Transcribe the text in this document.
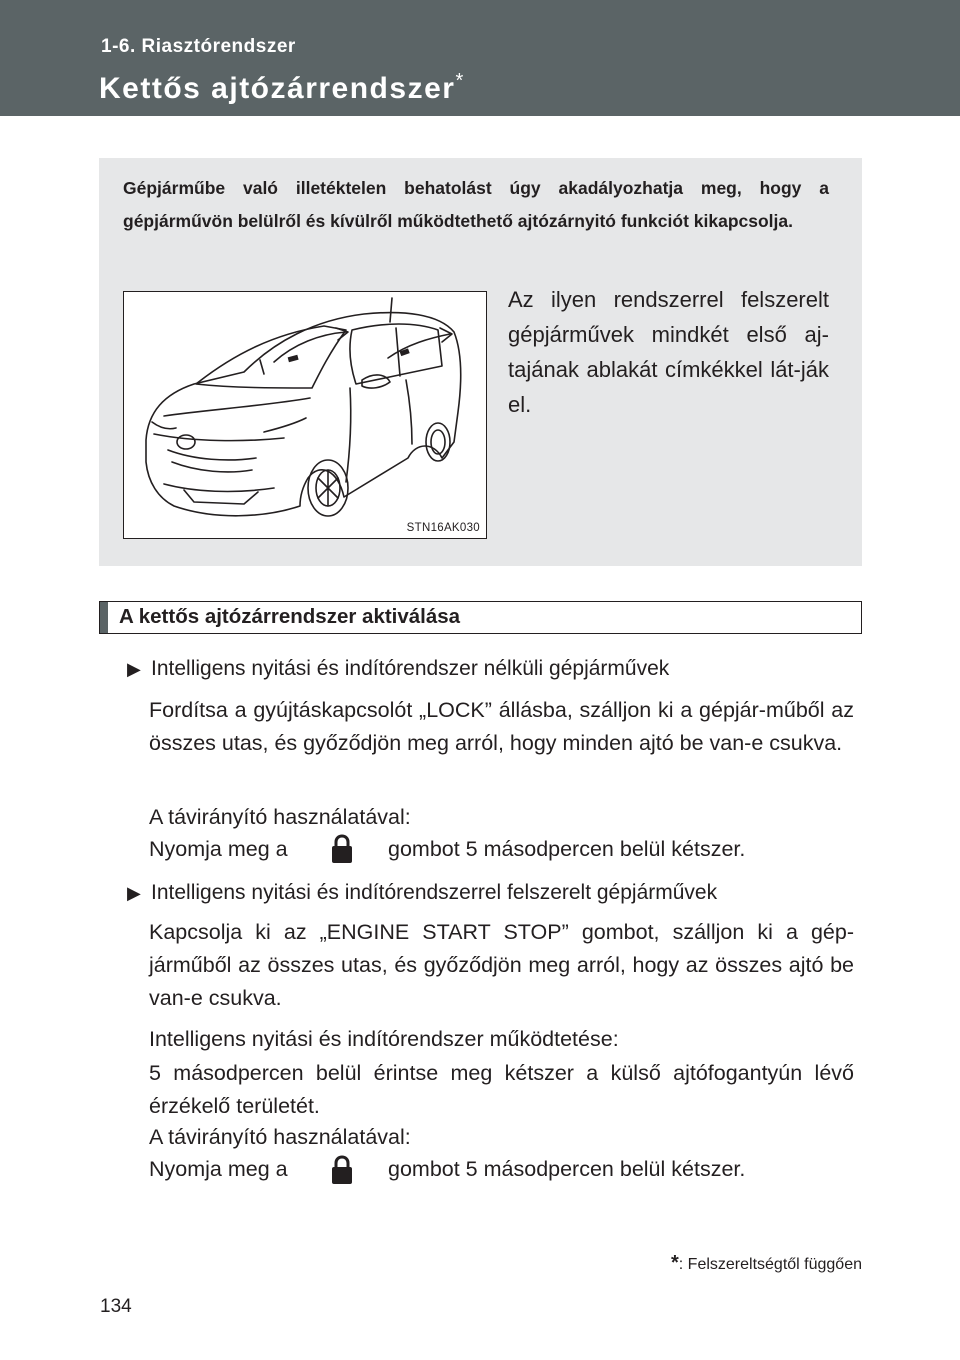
1-6. Riasztórendszer
Kettős ajtózárrendszer*

Gépjárműbe való illetéktelen behatolást úgy akadályozhatja meg, hogy a gépjárművön belülről és kívülről működtethető ajtózárnyitó funkciót kikapcsolja.

STN16AK030

Az ilyen rendszerrel felszerelt gépjárművek mindkét első aj-tajának ablakát címkékkel lát-ják el.

A kettős ajtózárrendszer aktiválása
▶ Intelligens nyitási és indítórendszer nélküli gépjárművek

Fordítsa a gyújtáskapcsolót „LOCK” állásba, szálljon ki a gépjár-műből az összes utas, és győződjön meg arról, hogy minden ajtó be van-e csukva.

A távirányító használatával:
Nyomja meg a	gombot 5 másodpercen belül kétszer.
▶ Intelligens nyitási és indítórendszerrel felszerelt gépjárművek

Kapcsolja ki az „ENGINE START STOP” gombot, szálljon ki a gép-járműből az összes utas, és győződjön meg arról, hogy az összes ajtó be van-e csukva.

Intelligens nyitási és indítórendszer működtetése:

5 másodpercen belül érintse meg kétszer a külső ajtófogantyún lévő érzékelő területét.

A távirányító használatával:
Nyomja meg a	gombot 5 másodpercen belül kétszer.
*: Felszereltségtől függően
134
